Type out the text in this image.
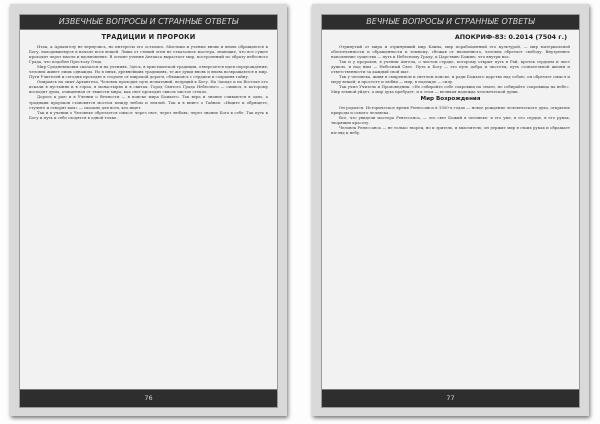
ИЗВЕЧНЫЕ ВОПРОСЫ И СТРАННЫЕ ОТВЕТЫ
ТРАДИЦИИ И ПРОРОКИ

Итак, к Архангелу не вернулись, но интересы его остались. Мистики и ученые вновь и вновь обращаются к Богу, находившемуся в начале всех вещей. Лишь от стихий огня не отказались мастера, знающие, что все сущее проходит через мысль и вдохновение. В основе учения Антакса вырастает мир, построенный по образу небесного Града, что подобен Престолу Отца.

Мир Средневековья сказался и на учениях. Здесь, в христианской традиции, отвергается идея перерождения; человек живет лишь однажды. Но в иных, древнейших традициях, те же души вновь и вновь возвращаются в мир. Пути Учителей и сегодня проходят в стороне от широкой дороги, сближаясь с сердцем и сохраняя тайну.

Опираясь на опыт Архангела, Человек проходит путь испытаний, ведущий к Богу. На Западе и на Востоке его искали в пустынях и в горах, в монастырях и в скитах. Город Святого Града Небесного — символ, к которому восходит душа, очищенная от тяжести мира, как свет проходит сквозь чистое стекло.

Дорога к раю и в Учении о Вечности — в поиске мира Божьего. Так вера и знание сливаются в одно, а традиции пророков становятся мостом между небом и землей. Так и в книге о Тайнах: «Ищите и обрящете, стучите и отворят вам» — сказано для всех, кто ищет.

Так и в учении о Человеке обретается смысл: через свет, через любовь, через знание Бога в себе. Так путь к Богу и путь к себе сходятся в одной точке.

76
ВЕЧНЫЕ ВОПРОСЫ И СТРАННЫЕ ОТВЕТЫ
АПОКРИФ-83: 0.2014 (7504 г.)

Отринутый от мира и отринувший мир Каина, мир порабощенный его культурой, — мир материальной обеспеченности и обращенности к земному, сбежав от низменного, человек обретает свободу. Внутреннее наполнение существа — путь к Небесному Граду, к Царствию Божию, что внутри нас.

Так и у пророков, в учении Ангела, о чистом сердце, которому открыт путь в Рай, кроток сердцем и чист душою, и над ним — Небесный Свет. Путь к Богу — это путь добра и чистоты, путь сознательной жизни и ответственности за каждый свой шаг.

Так у человека, живя в смиренном и светлом поиске, и ради Божьего царства над собою, он обретает смысл и меру вещей; в простоте и любви — мир, в надежде — силу.

Так учил Учитель и Проповедник: «Не собирайте себе сокровищ на земле, но собирайте сокровища на небе». Мир земной уйдет, а мир духа пребудет, и в этом — великая надежда человеческой души.

Мир Возрождения

Он родился. Историческое время Ренессанса в 1500-х годах — новое рождение человеческого духа, открытие природы и самого человека.

Все, что увидели мастера Ренессанса, — это свет Божий в человеке: в его уме, в его сердце, в его руках, творящих красоту.

Человек Ренессанса — не только творец, но и зритель, и мыслитель; он держит мир в своих руках и обращает взгляд к небу.

77
